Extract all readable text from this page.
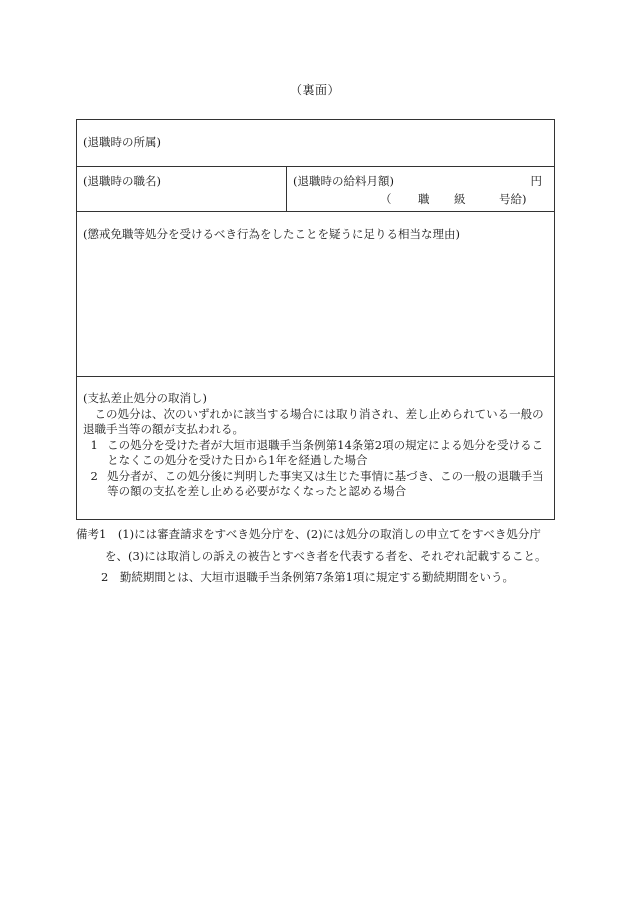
（裏面）
(退職時の所属)
(退職時の職名)	(退職時の給料月額)	円
（ 職 級	号給)
(懲戒免職等処分を受けるべき行為をしたことを疑うに足りる相当な理由)

(支払差止処分の取消し)

この処分は、次のいずれかに該当する場合には取り消され、差し止められている一般の退職手当等の額が支払われる。

1 この処分を受けた者が大垣市退職手当条例第14条第2項の規定による処分を受けることなくこの処分を受けた日から1年を経過した場合

2 処分者が、この処分後に判明した事実又は生じた事情に基づき、この一般の退職手当等の額の支払を差し止める必要がなくなったと認める場合

備考1　(1)には審査請求をすべき処分庁を、(2)には処分の取消しの申立てをすべき処分庁

を、(3)には取消しの訴えの被告とすべき者を代表する者を、それぞれ記載すること。

2　勤続期間とは、大垣市退職手当条例第7条第1項に規定する勤続期間をいう。
